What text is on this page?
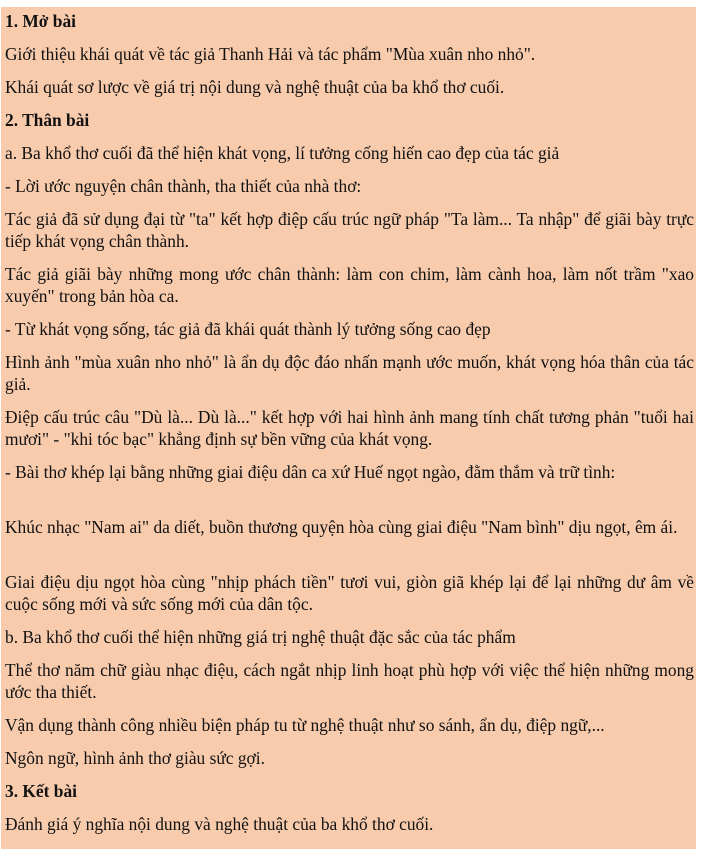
1. Mở bài

Giới thiệu khái quát về tác giả Thanh Hải và tác phẩm "Mùa xuân nho nhỏ".

Khái quát sơ lược về giá trị nội dung và nghệ thuật của ba khổ thơ cuối.

2. Thân bài

a. Ba khổ thơ cuối đã thể hiện khát vọng, lí tưởng cống hiến cao đẹp của tác giả

- Lời ước nguyện chân thành, tha thiết của nhà thơ:

Tác giả đã sử dụng đại từ "ta" kết hợp điệp cấu trúc ngữ pháp "Ta làm... Ta nhập" để giãi bày trực tiếp khát vọng chân thành.

Tác giả giãi bày những mong ước chân thành: làm con chim, làm cành hoa, làm nốt trầm "xao xuyến" trong bản hòa ca.

- Từ khát vọng sống, tác giả đã khái quát thành lý tưởng sống cao đẹp

Hình ảnh "mùa xuân nho nhỏ" là ẩn dụ độc đáo nhấn mạnh ước muốn, khát vọng hóa thân của tác giả.

Điệp cấu trúc câu "Dù là... Dù là..." kết hợp với hai hình ảnh mang tính chất tương phản "tuổi hai mươi" - "khi tóc bạc" khẳng định sự bền vững của khát vọng.

- Bài thơ khép lại bằng những giai điệu dân ca xứ Huế ngọt ngào, đằm thắm và trữ tình:

Khúc nhạc "Nam ai" da diết, buồn thương quyện hòa cùng giai điệu "Nam bình" dịu ngọt, êm ái.

Giai điệu dịu ngọt hòa cùng "nhịp phách tiền" tươi vui, giòn giã khép lại để lại những dư âm về cuộc sống mới và sức sống mới của dân tộc.

b. Ba khổ thơ cuối thể hiện những giá trị nghệ thuật đặc sắc của tác phẩm

Thể thơ năm chữ giàu nhạc điệu, cách ngắt nhịp linh hoạt phù hợp với việc thể hiện những mong ước tha thiết.

Vận dụng thành công nhiều biện pháp tu từ nghệ thuật như so sánh, ẩn dụ, điệp ngữ,...

Ngôn ngữ, hình ảnh thơ giàu sức gợi.

3. Kết bài

Đánh giá ý nghĩa nội dung và nghệ thuật của ba khổ thơ cuối.
